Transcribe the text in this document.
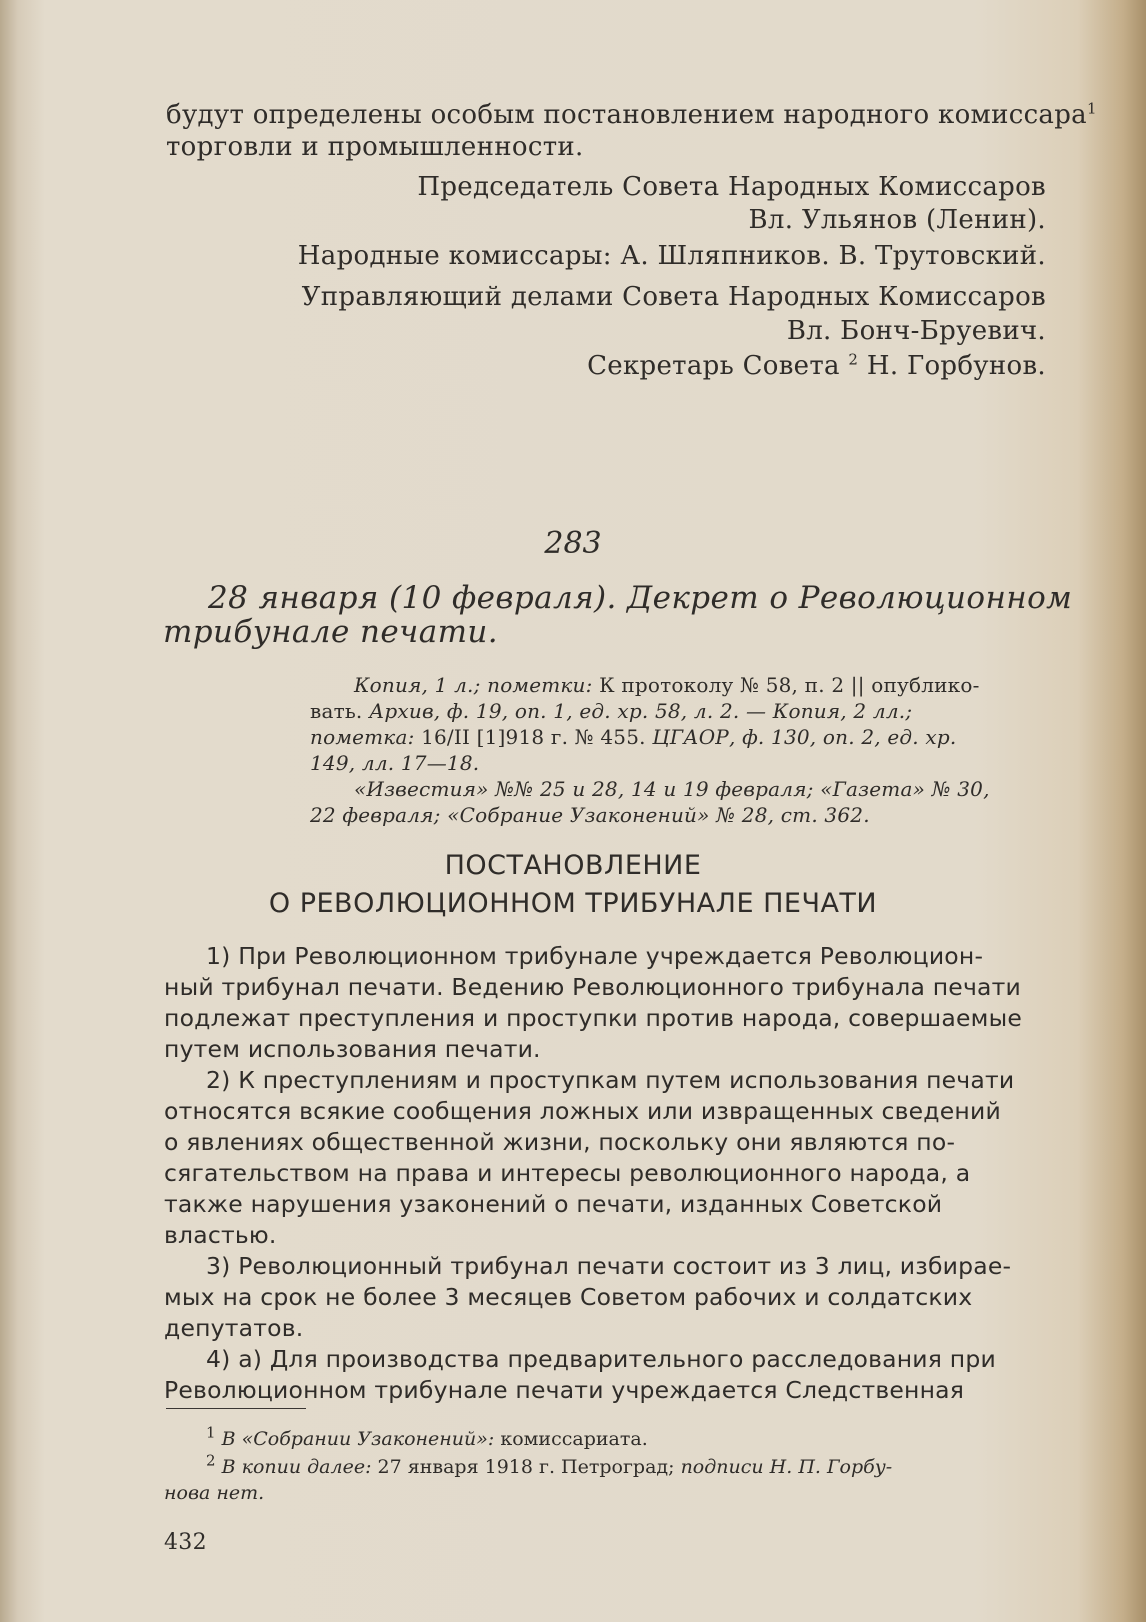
будут определены особым постановлением народного комиссара$^1$

торговли и промышленности.

Председатель Совета Народных Комиссаров

Вл. Ульянов (Ленин).

Народные комиссары: А. Шляпников. В. Трутовский.

Управляющий делами Совета Народных Комиссаров

Вл. Бонч-Бруевич.

Секретарь Совета $^2$ Н. Горбунов.

283

28 января (10 февраля). Декрет о Революционном

трибунале печати.

Копия, 1 л.; пометки: К протоколу № 58, п. 2 || опублико-

вать. Архив, ф. 19, оп. 1, ед. хр. 58, л. 2. — Копия, 2 лл.;

пометка: 16/II [1]918 г. № 455. ЦГАОР, ф. 130, оп. 2, ед. хр.

149, лл. 17—18.

«Известия» №№ 25 и 28, 14 и 19 февраля; «Газета» № 30,

22 февраля; «Собрание Узаконений» № 28, ст. 362.

ПОСТАНОВЛЕНИЕ

О РЕВОЛЮЦИОННОМ ТРИБУНАЛЕ ПЕЧАТИ

1) При Революционном трибунале учреждается Революцион-

ный трибунал печати. Ведению Революционного трибунала печати

подлежат преступления и проступки против народа, совершаемые

путем использования печати.

2) К преступлениям и проступкам путем использования печати

относятся всякие сообщения ложных или извращенных сведений

о явлениях общественной жизни, поскольку они являются по-

сягательством на права и интересы революционного народа, а

также нарушения узаконений о печати, изданных Советской

властью.

3) Революционный трибунал печати состоит из 3 лиц, избирае-

мых на срок не более 3 месяцев Советом рабочих и солдатских

депутатов.

4) а) Для производства предварительного расследования при

Революционном трибунале печати учреждается Следственная

$^1$ В «Собрании Узаконений»: комиссариата.

$^2$ В копии далее: 27 января 1918 г. Петроград; подписи Н. П. Горбу-

нова нет.

432
